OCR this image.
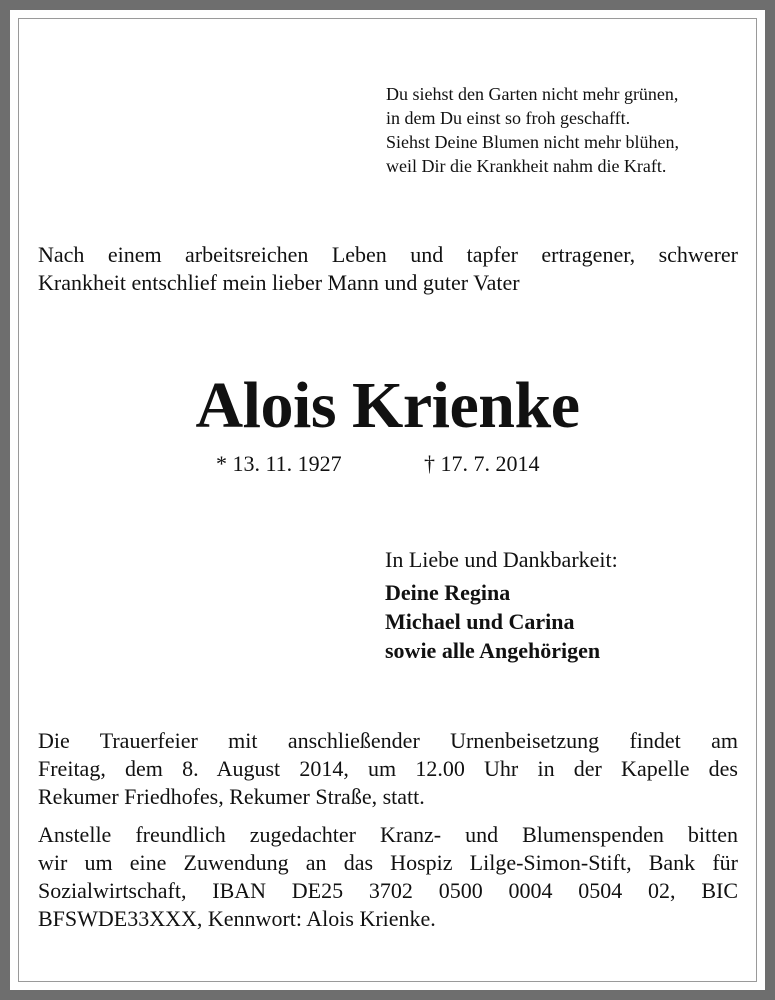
Du siehst den Garten nicht mehr grünen,
in dem Du einst so froh geschafft.
Siehst Deine Blumen nicht mehr blühen,
weil Dir die Krankheit nahm die Kraft.
Nach einem arbeitsreichen Leben und tapfer ertragener, schwerer
Krankheit entschlief mein lieber Mann und guter Vater
Alois Krienke
* 13. 11. 1927	† 17. 7. 2014
In Liebe und Dankbarkeit:
Deine Regina
Michael und Carina
sowie alle Angehörigen
Die Trauerfeier mit anschließender Urnenbeisetzung findet am
Freitag, dem 8. August 2014, um 12.00 Uhr in der Kapelle des
Rekumer Friedhofes, Rekumer Straße, statt.
Anstelle freundlich zugedachter Kranz- und Blumenspenden bitten
wir um eine Zuwendung an das Hospiz Lilge-Simon-Stift, Bank für
Sozialwirtschaft, IBAN DE25 3702 0500 0004 0504 02, BIC
BFSWDE33XXX, Kennwort: Alois Krienke.
